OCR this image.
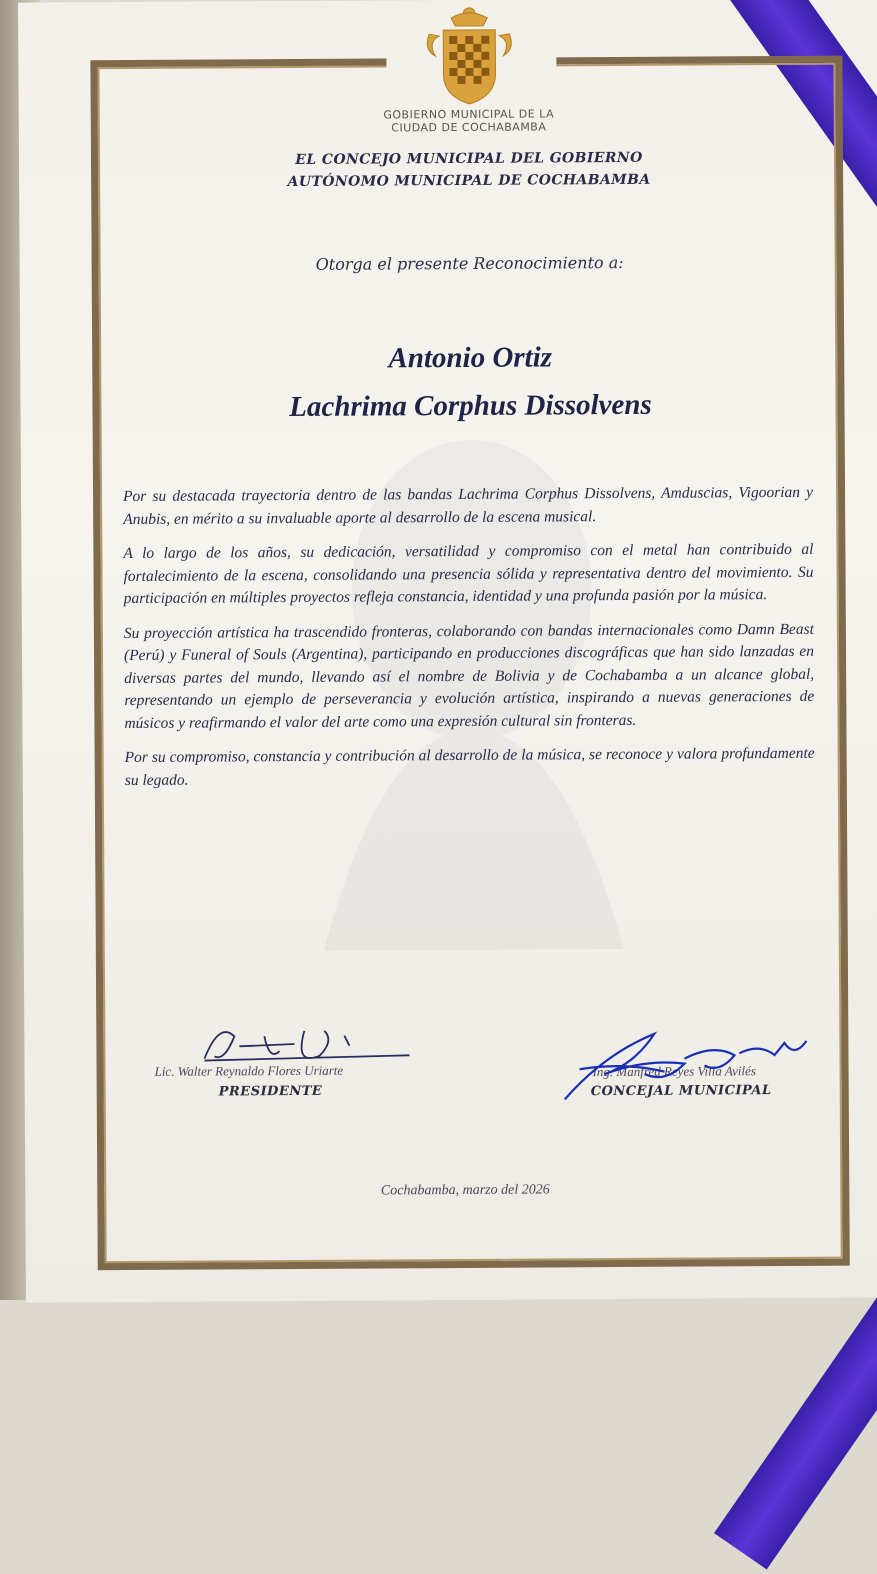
GOBIERNO MUNICIPAL DE LA
CIUDAD DE COCHABAMBA
EL CONCEJO MUNICIPAL DEL GOBIERNO
AUTÓNOMO MUNICIPAL DE COCHABAMBA
Otorga el presente Reconocimiento a:
Antonio Ortiz
Lachrima Corphus Dissolvens

Por su destacada trayectoria dentro de las bandas Lachrima Corphus Dissolvens, Amduscias, Vigoorian y Anubis, en mérito a su invaluable aporte al desarrollo de la escena musical.

A lo largo de los años, su dedicación, versatilidad y compromiso con el metal han contribuido al fortalecimiento de la escena, consolidando una presencia sólida y representativa dentro del movimiento. Su participación en múltiples proyectos refleja constancia, identidad y una profunda pasión por la música.

Su proyección artística ha trascendido fronteras, colaborando con bandas internacionales como Damn Beast (Perú) y Funeral of Souls (Argentina), participando en producciones discográficas que han sido lanzadas en diversas partes del mundo, llevando así el nombre de Bolivia y de Cochabamba a un alcance global, representando un ejemplo de perseverancia y evolución artística, inspirando a nuevas generaciones de músicos y reafirmando el valor del arte como una expresión cultural sin fronteras.

Por su compromiso, constancia y contribución al desarrollo de la música, se reconoce y valora profundamente su legado.

Lic. Walter Reynaldo Flores Uriarte
PRESIDENTE
Ing. Manfred Reyes Villa Avilés
CONCEJAL MUNICIPAL
Cochabamba, marzo del 2026
